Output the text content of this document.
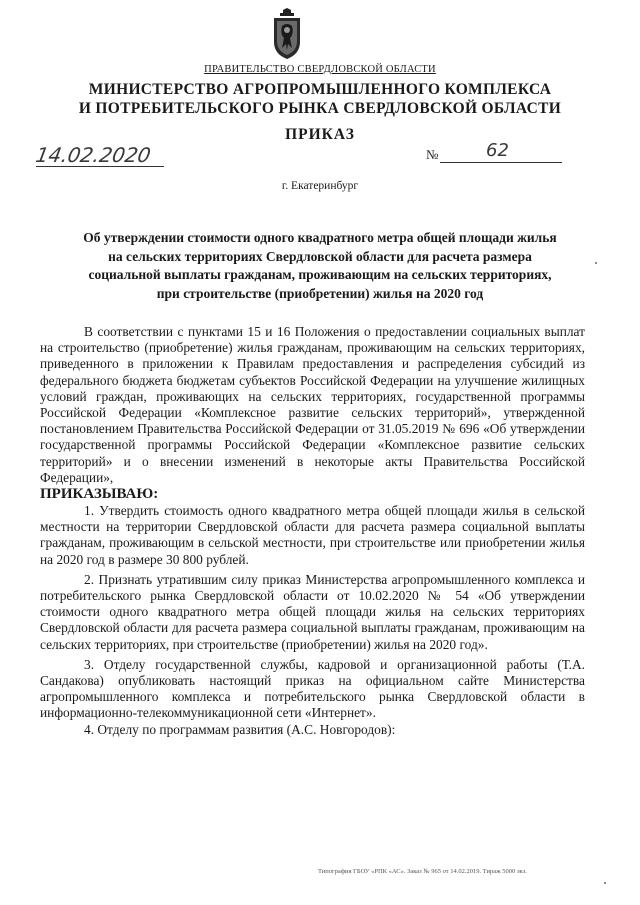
ПРАВИТЕЛЬСТВО СВЕРДЛОВСКОЙ ОБЛАСТИ
МИНИСТЕРСТВО АГРОПРОМЫШЛЕННОГО КОМПЛЕКСА
И ПОТРЕБИТЕЛЬСКОГО РЫНКА СВЕРДЛОВСКОЙ ОБЛАСТИ
ПРИКАЗ
14.02.2020	№	62
г. Екатеринбург
Об утверждении стоимости одного квадратного метра общей площади жилья
на сельских территориях Свердловской области для расчета размера
социальной выплаты гражданам, проживающим на сельских территориях,
при строительстве (приобретении) жилья на 2020 год

В соответствии с пунктами 15 и 16 Положения о предоставлении социальных выплат на строительство (приобретение) жилья гражданам, проживающим на сельских территориях, приведенного в приложении к Правилам предоставления и распределения субсидий из федерального бюджета бюджетам субъектов Российской Федерации на улучшение жилищных условий граждан, проживающих на сельских территориях, государственной программы Российской Федерации «Комплексное развитие сельских территорий», утвержденной постановлением Правительства Российской Федерации от 31.05.2019 № 696 «Об утверждении государственной программы Российской Федерации «Комплексное развитие сельских территорий» и о внесении изменений в некоторые акты Правительства Российской Федерации»,

ПРИКАЗЫВАЮ:

1. Утвердить стоимость одного квадратного метра общей площади жилья в сельской местности на территории Свердловской области для расчета размера социальной выплаты гражданам, проживающим в сельской местности, при строительстве или приобретении жилья на 2020 год в размере 30 800 рублей.

2. Признать утратившим силу приказ Министерства агропромышленного комплекса и потребительского рынка Свердловской области от 10.02.2020 № 54 «Об утверждении стоимости одного квадратного метра общей площади жилья на сельских территориях Свердловской области для расчета размера социальной выплаты гражданам, проживающим на сельских территориях, при строительстве (приобретении) жилья на 2020 год».

3. Отделу государственной службы, кадровой и организационной работы (Т.А. Сандакова) опубликовать настоящий приказ на официальном сайте Министерства агропромышленного комплекса и потребительского рынка Свердловской области в информационно-телекоммуникационной сети «Интернет».

4. Отделу по программам развития (А.С. Новгородов):

Типография ГБОУ «РПК «АС». Заказ № 965 от 14.02.2019. Тираж 5000 экз.
